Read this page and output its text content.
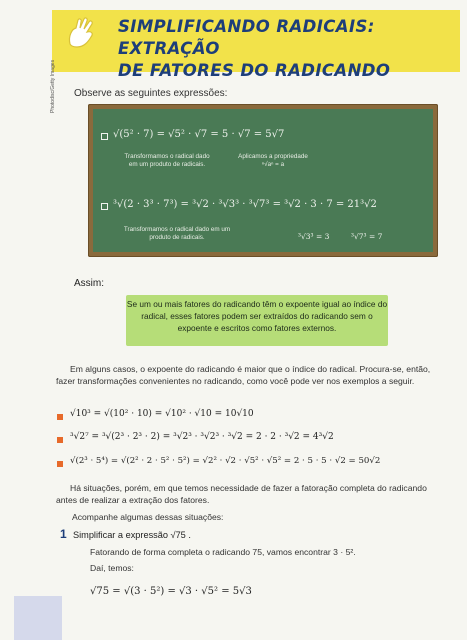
SIMPLIFICANDO RADICAIS: EXTRAÇÃO
DE FATORES DO RADICANDO
Photodisc/Getty Images Observe as seguintes expressões:
√(5² · 7) = √5² · √7 = 5 · √7 = 5√7
Transformamos o radical dado em um produto de radicais.
Aplicamos a propriedade ⁿ√aⁿ = a
³√(2 · 3³ · 7³) = ³√2 · ³√3³ · ³√7³ = ³√2 · 3 · 7 = 21³√2
Transformamos o radical dado em um produto de radicais.	³√3³ = 3	³√7³ = 7
Assim:
Se um ou mais fatores do radicando têm o expoente igual ao índice do radical, esses fatores podem ser extraídos do radicando sem o expoente e escritos como fatores externos.
Em alguns casos, o expoente do radicando é maior que o índice do radical. Procura-se, então, fazer transformações convenientes no radicando, como você pode ver nos exemplos a seguir.
√10³ = √(10² · 10) = √10² · √10 = 10√10
³√2⁷ = ³√(2³ · 2³ · 2) = ³√2³ · ³√2³ · ³√2 = 2 · 2 · ³√2 = 4³√2
√(2³ · 5⁴) = √(2² · 2 · 5² · 5²) = √2² · √2 · √5² · √5² = 2 · 5 · 5 · √2 = 50√2
Há situações, porém, em que temos necessidade de fazer a fatoração completa do radicando antes de realizar a extração dos fatores.
Acompanhe algumas dessas situações:
1 Simplificar a expressão √75 .
Fatorando de forma completa o radicando 75, vamos encontrar 3 · 5².
Daí, temos:
√75 = √(3 · 5²) = √3 · √5² = 5√3
